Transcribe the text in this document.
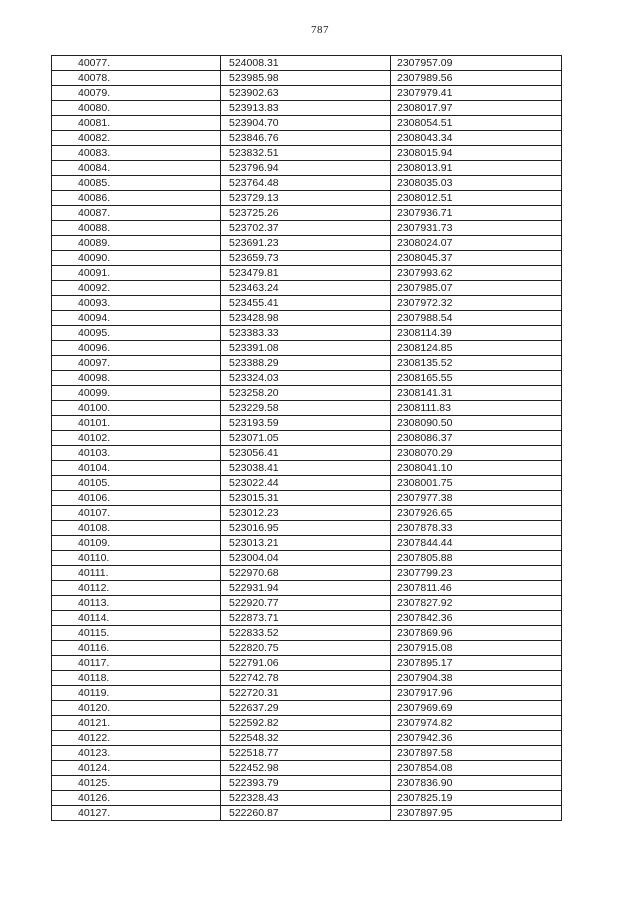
787
40077.	524008.31	2307957.09
40078.	523985.98	2307989.56
40079.	523902.63	2307979.41
40080.	523913.83	2308017.97
40081.	523904.70	2308054.51
40082.	523846.76	2308043.34
40083.	523832.51	2308015.94
40084.	523796.94	2308013.91
40085.	523764.48	2308035.03
40086.	523729.13	2308012.51
40087.	523725.26	2307936.71
40088.	523702.37	2307931.73
40089.	523691.23	2308024.07
40090.	523659.73	2308045.37
40091.	523479.81	2307993.62
40092.	523463.24	2307985.07
40093.	523455.41	2307972.32
40094.	523428.98	2307988.54
40095.	523383.33	2308114.39
40096.	523391.08	2308124.85
40097.	523388.29	2308135.52
40098.	523324.03	2308165.55
40099.	523258.20	2308141.31
40100.	523229.58	2308111.83
40101.	523193.59	2308090.50
40102.	523071.05	2308086.37
40103.	523056.41	2308070.29
40104.	523038.41	2308041.10
40105.	523022.44	2308001.75
40106.	523015.31	2307977.38
40107.	523012.23	2307926.65
40108.	523016.95	2307878.33
40109.	523013.21	2307844.44
40110.	523004.04	2307805.88
40111.	522970.68	2307799.23
40112.	522931.94	2307811.46
40113.	522920.77	2307827.92
40114.	522873.71	2307842.36
40115.	522833.52	2307869.96
40116.	522820.75	2307915.08
40117.	522791.06	2307895.17
40118.	522742.78	2307904.38
40119.	522720.31	2307917.96
40120.	522637.29	2307969.69
40121.	522592.82	2307974.82
40122.	522548.32	2307942.36
40123.	522518.77	2307897.58
40124.	522452.98	2307854.08
40125.	522393.79	2307836.90
40126.	522328.43	2307825.19
40127.	522260.87	2307897.95
